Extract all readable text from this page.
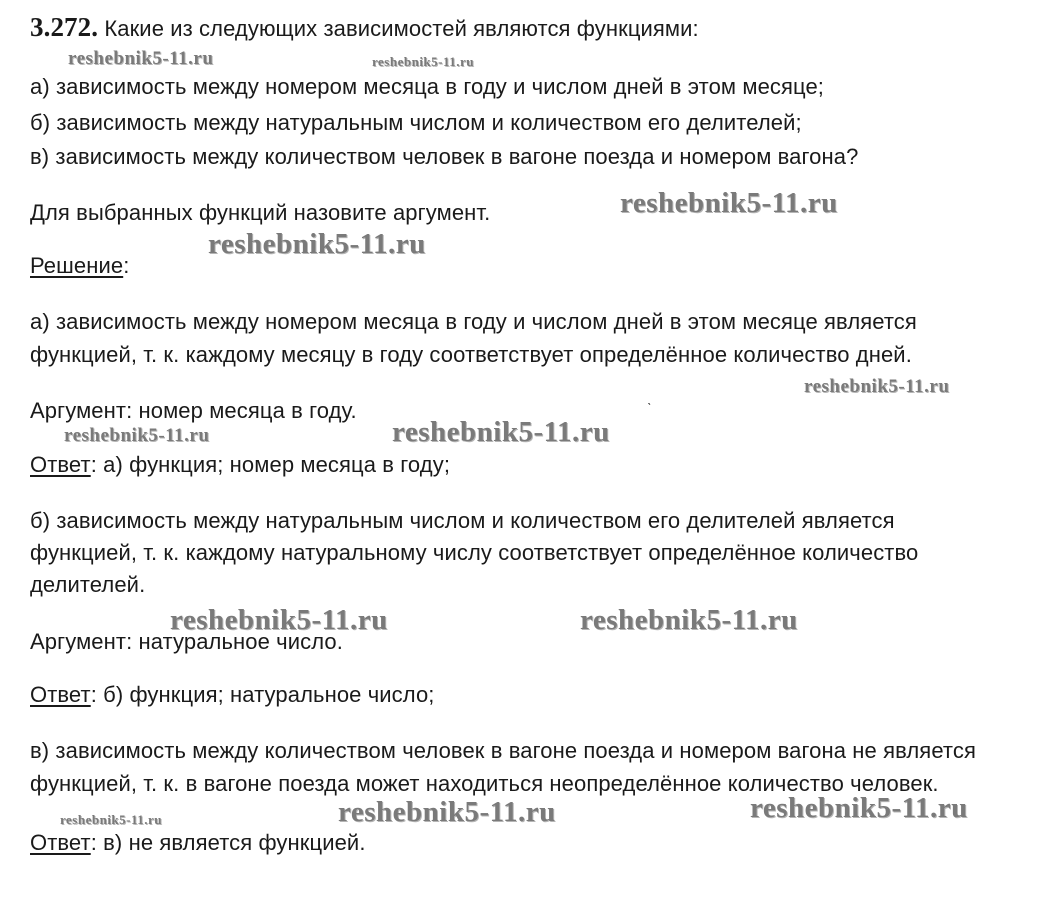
3.272. Какие из следующих зависимостей являются функциями:
reshebnik5-11.ru	reshebnik5-11.ru
а) зависимость между номером месяца в году и числом дней в этом месяце;
б) зависимость между натуральным числом и количеством его делителей;
в) зависимость между количеством человек в вагоне поезда и номером вагона?
Для выбранных функций назовите аргумент.	reshebnik5-11.ru
reshebnik5-11.ru
Решение:
а) зависимость между номером месяца в году и числом дней в этом месяце является
функцией, т. к. каждому месяцу в году соответствует определённое количество дней.
reshebnik5-11.ru
Аргумент: номер месяца в году.	ˋ
reshebnik5-11.ru	reshebnik5-11.ru
Ответ: а) функция; номер месяца в году;
б) зависимость между натуральным числом и количеством его делителей является
функцией, т. к. каждому натуральному числу соответствует определённое количество
делителей.
reshebnik5-11.ru	reshebnik5-11.ru
Аргумент: натуральное число.
Ответ: б) функция; натуральное число;
в) зависимость между количеством человек в вагоне поезда и номером вагона не является
функцией, т. к. в вагоне поезда может находиться неопределённое количество человек.
reshebnik5-11.ru	reshebnik5-11.ru	reshebnik5-11.ru
Ответ: в) не является функцией.
